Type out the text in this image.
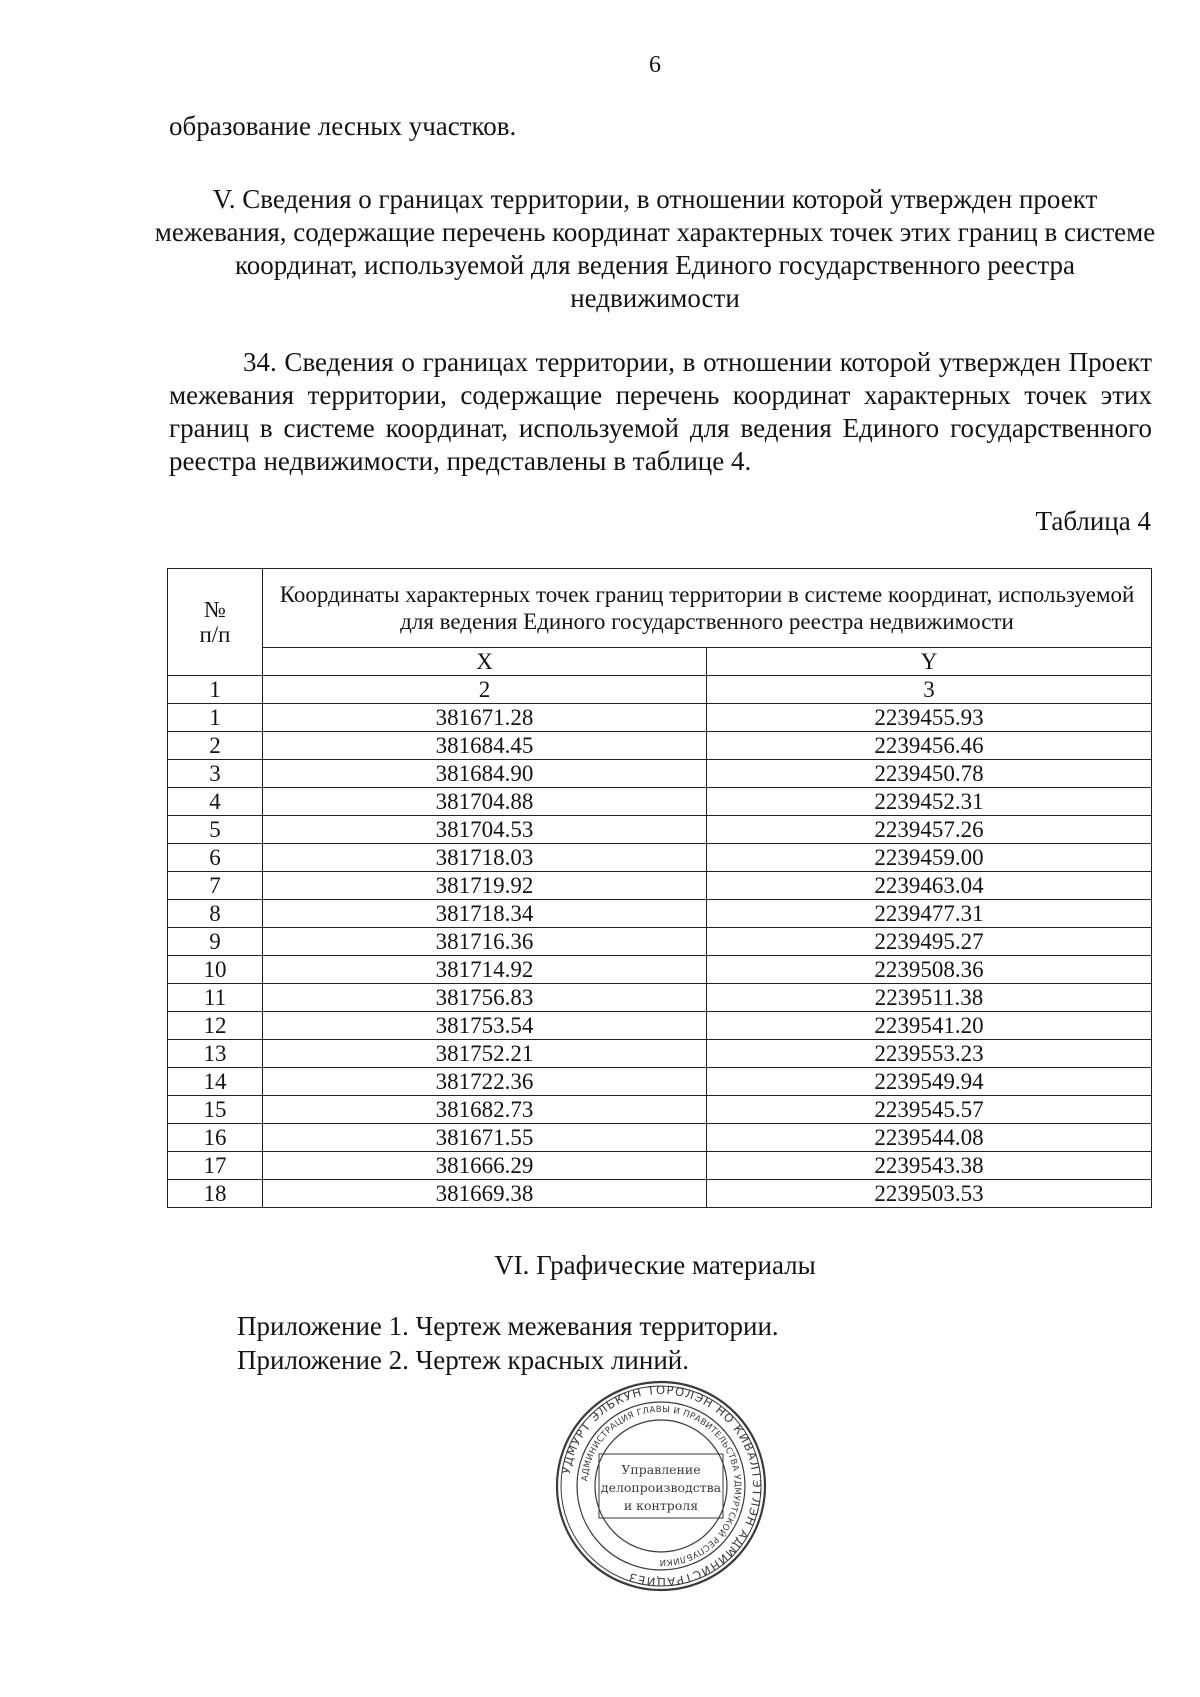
6
образование лесных участков.
V. Сведения о границах территории, в отношении которой утвержден проект межевания, содержащие перечень координат характерных точек этих границ в системе координат, используемой для ведения Единого государственного реестра недвижимости
34. Сведения о границах территории, в отношении которой утвержден Проект межевания территории, содержащие перечень координат характерных точек этих границ в системе координат, используемой для ведения Единого государственного реестра недвижимости, представлены в таблице 4.
Таблица 4
№
п/п	Координаты характерных точек границ территории в системе координат, используемой для ведения Единого государственного реестра недвижимости	
	X	Y
1	2	3
1	381671.28	2239455.93
2	381684.45	2239456.46
3	381684.90	2239450.78
4	381704.88	2239452.31
5	381704.53	2239457.26
6	381718.03	2239459.00
7	381719.92	2239463.04
8	381718.34	2239477.31
9	381716.36	2239495.27
10	381714.92	2239508.36
11	381756.83	2239511.38
12	381753.54	2239541.20
13	381752.21	2239553.23
14	381722.36	2239549.94
15	381682.73	2239545.57
16	381671.55	2239544.08
17	381666.29	2239543.38
18	381669.38	2239503.53
VI. Графические материалы
Приложение 1. Чертеж межевания территории.
Приложение 2. Чертеж красных линий.
УДМУРТ ЭЛЬКУН ТОРОЛЭН НО КИВАЛТЭТЛЭН АДМИНИСТРАЦИЕЗ
АДМИНИСТРАЦИЯ ГЛАВЫ И ПРАВИТЕЛЬСТВА УДМУРТСКОЙ РЕСПУБЛИКИ
Управление
делопроизводства
и контроля
